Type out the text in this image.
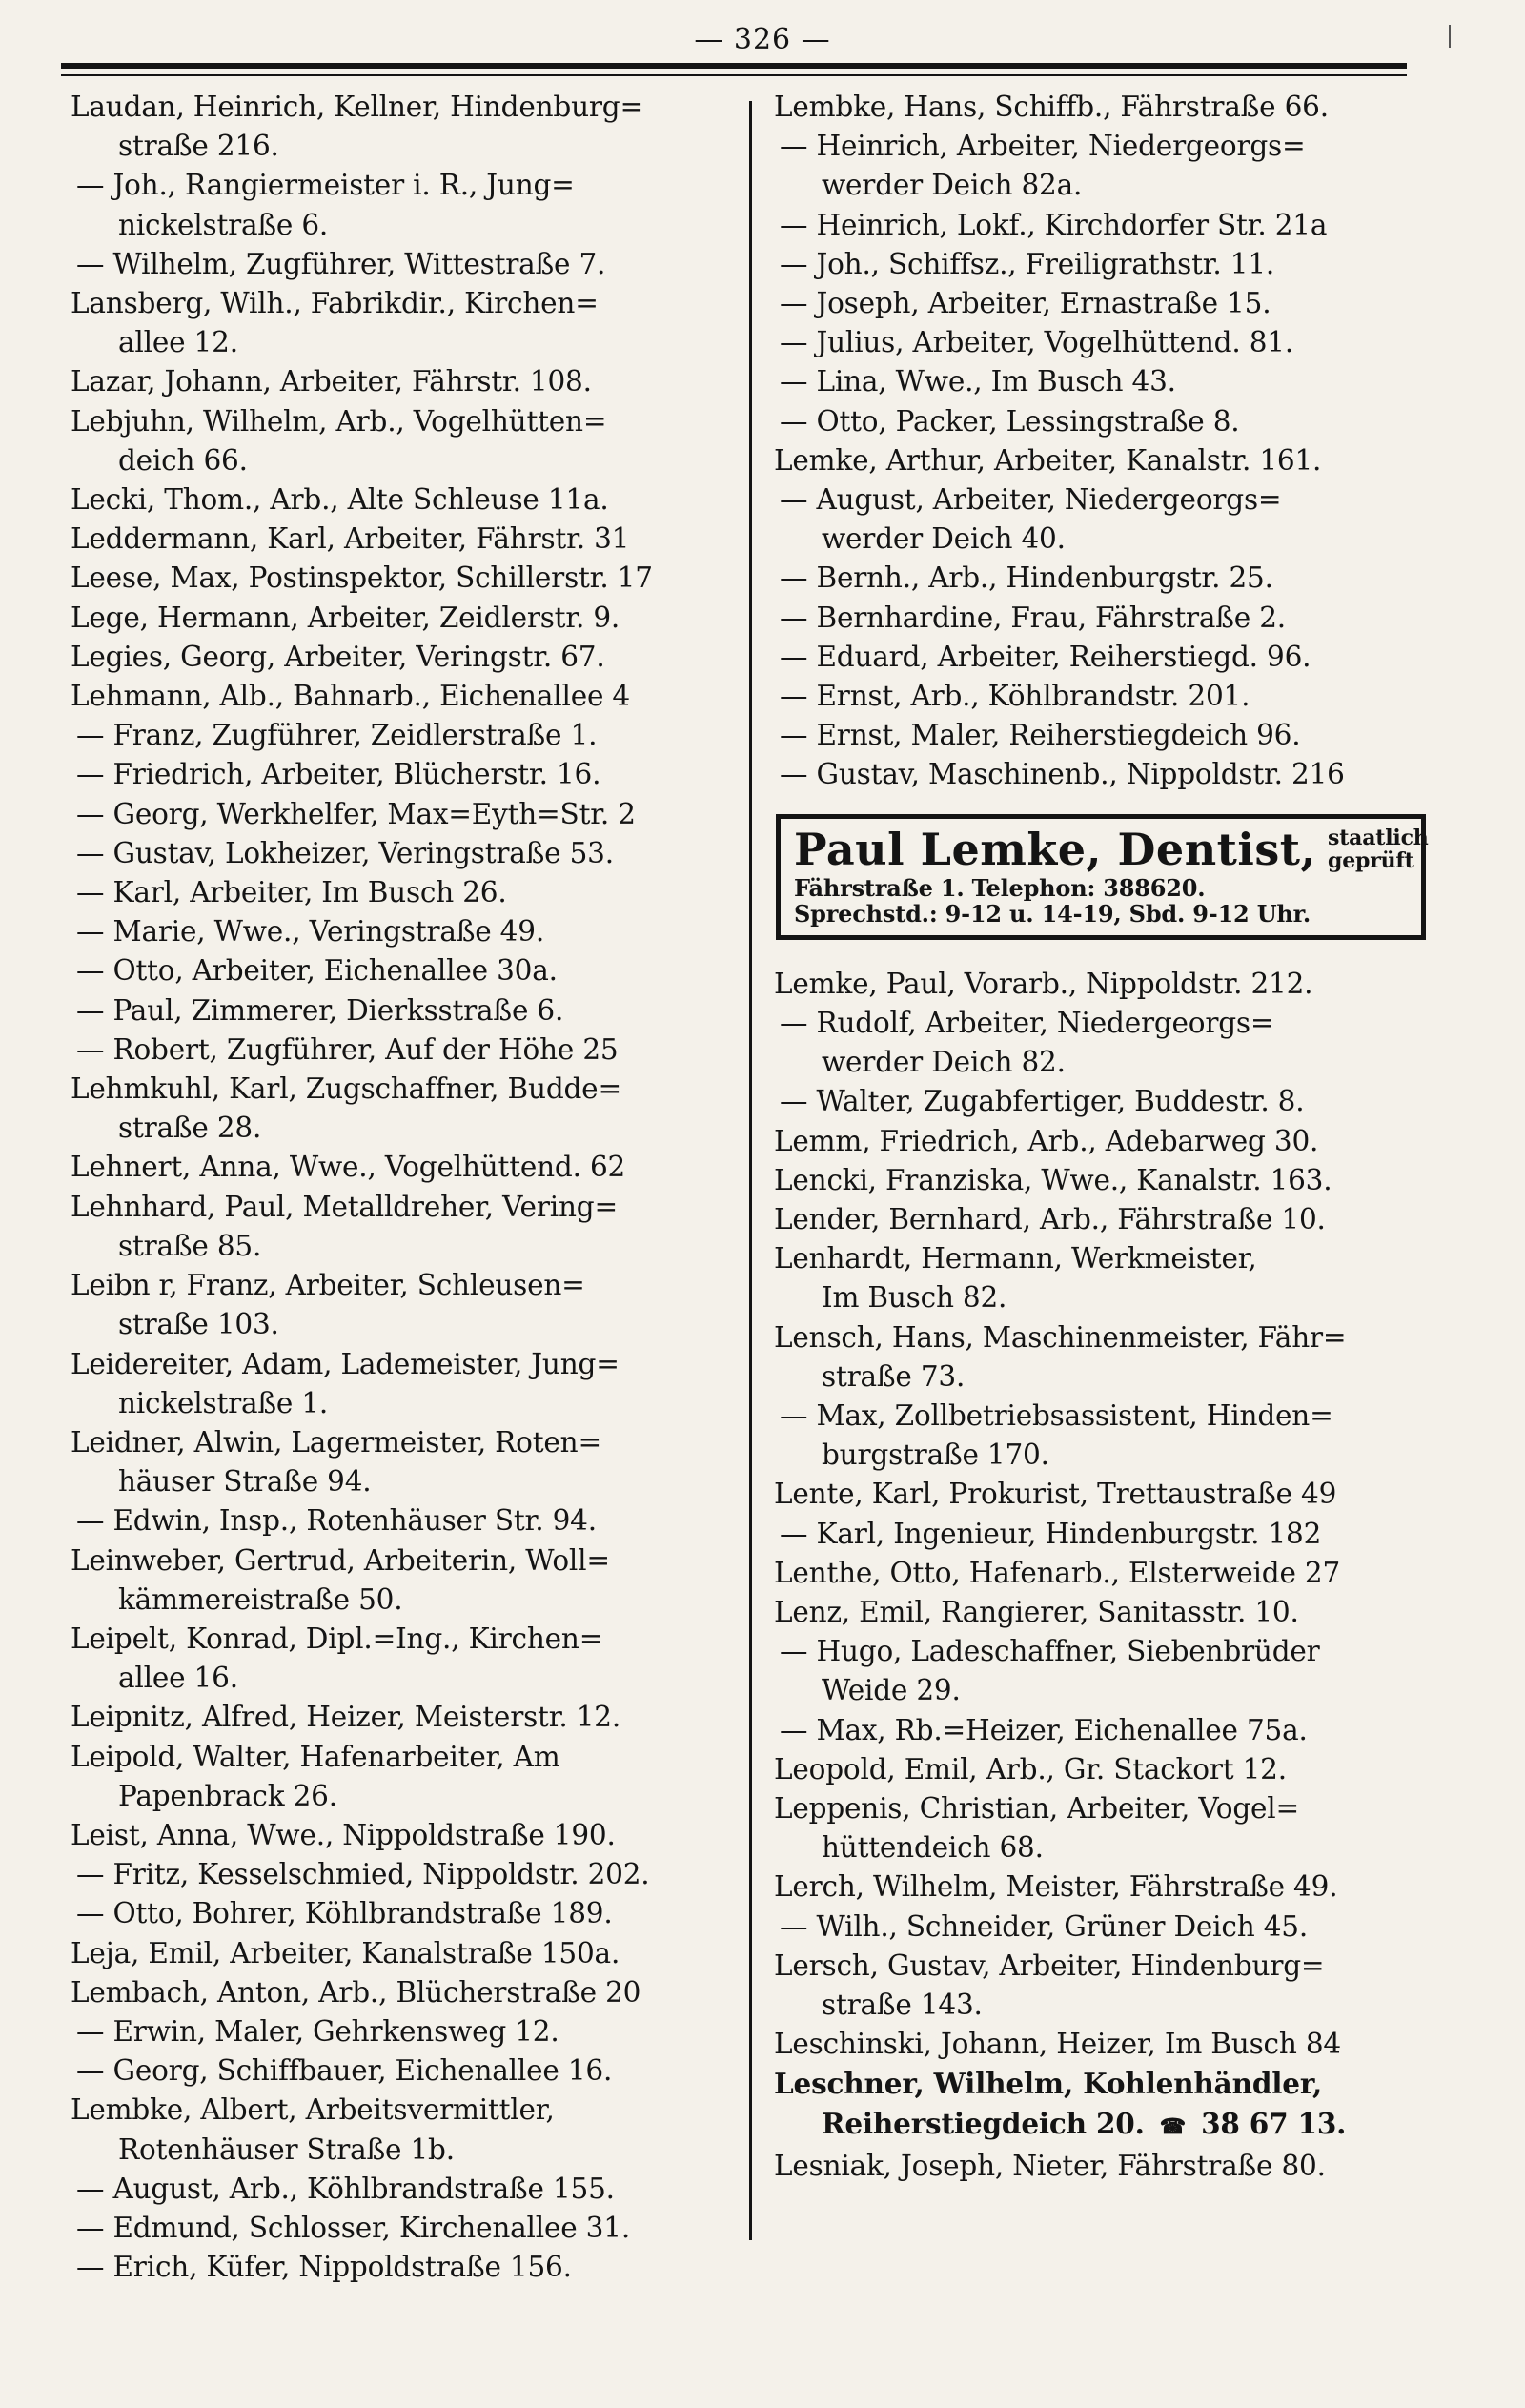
— 326 —
Laudan, Heinrich, Kellner, Hindenburg=
straße 216.
— Joh., Rangiermeister i. R., Jung=
nickelstraße 6.
— Wilhelm, Zugführer, Wittestraße 7.
Lansberg, Wilh., Fabrikdir., Kirchen=
allee 12.
Lazar, Johann, Arbeiter, Fährstr. 108.
Lebjuhn, Wilhelm, Arb., Vogelhütten=
deich 66.
Lecki, Thom., Arb., Alte Schleuse 11a.
Leddermann, Karl, Arbeiter, Fährstr. 31
Leese, Max, Postinspektor, Schillerstr. 17
Lege, Hermann, Arbeiter, Zeidlerstr. 9.
Legies, Georg, Arbeiter, Veringstr. 67.
Lehmann, Alb., Bahnarb., Eichenallee 4
— Franz, Zugführer, Zeidlerstraße 1.
— Friedrich, Arbeiter, Blücherstr. 16.
— Georg, Werkhelfer, Max=Eyth=Str. 2
— Gustav, Lokheizer, Veringstraße 53.
— Karl, Arbeiter, Im Busch 26.
— Marie, Wwe., Veringstraße 49.
— Otto, Arbeiter, Eichenallee 30a.
— Paul, Zimmerer, Dierksstraße 6.
— Robert, Zugführer, Auf der Höhe 25
Lehmkuhl, Karl, Zugschaffner, Budde=
straße 28.
Lehnert, Anna, Wwe., Vogelhüttend. 62
Lehnhard, Paul, Metalldreher, Vering=
straße 85.
Leibn r, Franz, Arbeiter, Schleusen=
straße 103.
Leidereiter, Adam, Lademeister, Jung=
nickelstraße 1.
Leidner, Alwin, Lagermeister, Roten=
häuser Straße 94.
— Edwin, Insp., Rotenhäuser Str. 94.
Leinweber, Gertrud, Arbeiterin, Woll=
kämmereistraße 50.
Leipelt, Konrad, Dipl.=Ing., Kirchen=
allee 16.
Leipnitz, Alfred, Heizer, Meisterstr. 12.
Leipold, Walter, Hafenarbeiter, Am
Papenbrack 26.
Leist, Anna, Wwe., Nippoldstraße 190.
— Fritz, Kesselschmied, Nippoldstr. 202.
— Otto, Bohrer, Köhlbrandstraße 189.
Leja, Emil, Arbeiter, Kanalstraße 150a.
Lembach, Anton, Arb., Blücherstraße 20
— Erwin, Maler, Gehrkensweg 12.
— Georg, Schiffbauer, Eichenallee 16.
Lembke, Albert, Arbeitsvermittler,
Rotenhäuser Straße 1b.
— August, Arb., Köhlbrandstraße 155.
— Edmund, Schlosser, Kirchenallee 31.
— Erich, Küfer, Nippoldstraße 156.
Lembke, Hans, Schiffb., Fährstraße 66.
— Heinrich, Arbeiter, Niedergeorgs=
werder Deich 82a.
— Heinrich, Lokf., Kirchdorfer Str. 21a
— Joh., Schiffsz., Freiligrathstr. 11.
— Joseph, Arbeiter, Ernastraße 15.
— Julius, Arbeiter, Vogelhüttend. 81.
— Lina, Wwe., Im Busch 43.
— Otto, Packer, Lessingstraße 8.
Lemke, Arthur, Arbeiter, Kanalstr. 161.
— August, Arbeiter, Niedergeorgs=
werder Deich 40.
— Bernh., Arb., Hindenburgstr. 25.
— Bernhardine, Frau, Fährstraße 2.
— Eduard, Arbeiter, Reiherstiegd. 96.
— Ernst, Arb., Köhlbrandstr. 201.
— Ernst, Maler, Reiherstiegdeich 96.
— Gustav, Maschinenb., Nippoldstr. 216
Paul Lemke, Dentist, staatlich
geprüft
Fährstraße 1. Telephon: 388620.
Sprechstd.: 9-12 u. 14-19, Sbd. 9-12 Uhr.
Lemke, Paul, Vorarb., Nippoldstr. 212.
— Rudolf, Arbeiter, Niedergeorgs=
werder Deich 82.
— Walter, Zugabfertiger, Buddestr. 8.
Lemm, Friedrich, Arb., Adebarweg 30.
Lencki, Franziska, Wwe., Kanalstr. 163.
Lender, Bernhard, Arb., Fährstraße 10.
Lenhardt, Hermann, Werkmeister,
Im Busch 82.
Lensch, Hans, Maschinenmeister, Fähr=
straße 73.
— Max, Zollbetriebsassistent, Hinden=
burgstraße 170.
Lente, Karl, Prokurist, Trettaustraße 49
— Karl, Ingenieur, Hindenburgstr. 182
Lenthe, Otto, Hafenarb., Elsterweide 27
Lenz, Emil, Rangierer, Sanitasstr. 10.
— Hugo, Ladeschaffner, Siebenbrüder
Weide 29.
— Max, Rb.=Heizer, Eichenallee 75a.
Leopold, Emil, Arb., Gr. Stackort 12.
Leppenis, Christian, Arbeiter, Vogel=
hüttendeich 68.
Lerch, Wilhelm, Meister, Fährstraße 49.
— Wilh., Schneider, Grüner Deich 45.
Lersch, Gustav, Arbeiter, Hindenburg=
straße 143.
Leschinski, Johann, Heizer, Im Busch 84
Leschner, Wilhelm, Kohlenhändler,
Reiherstiegdeich 20. ☎ 38 67 13.
Lesniak, Joseph, Nieter, Fährstraße 80.
